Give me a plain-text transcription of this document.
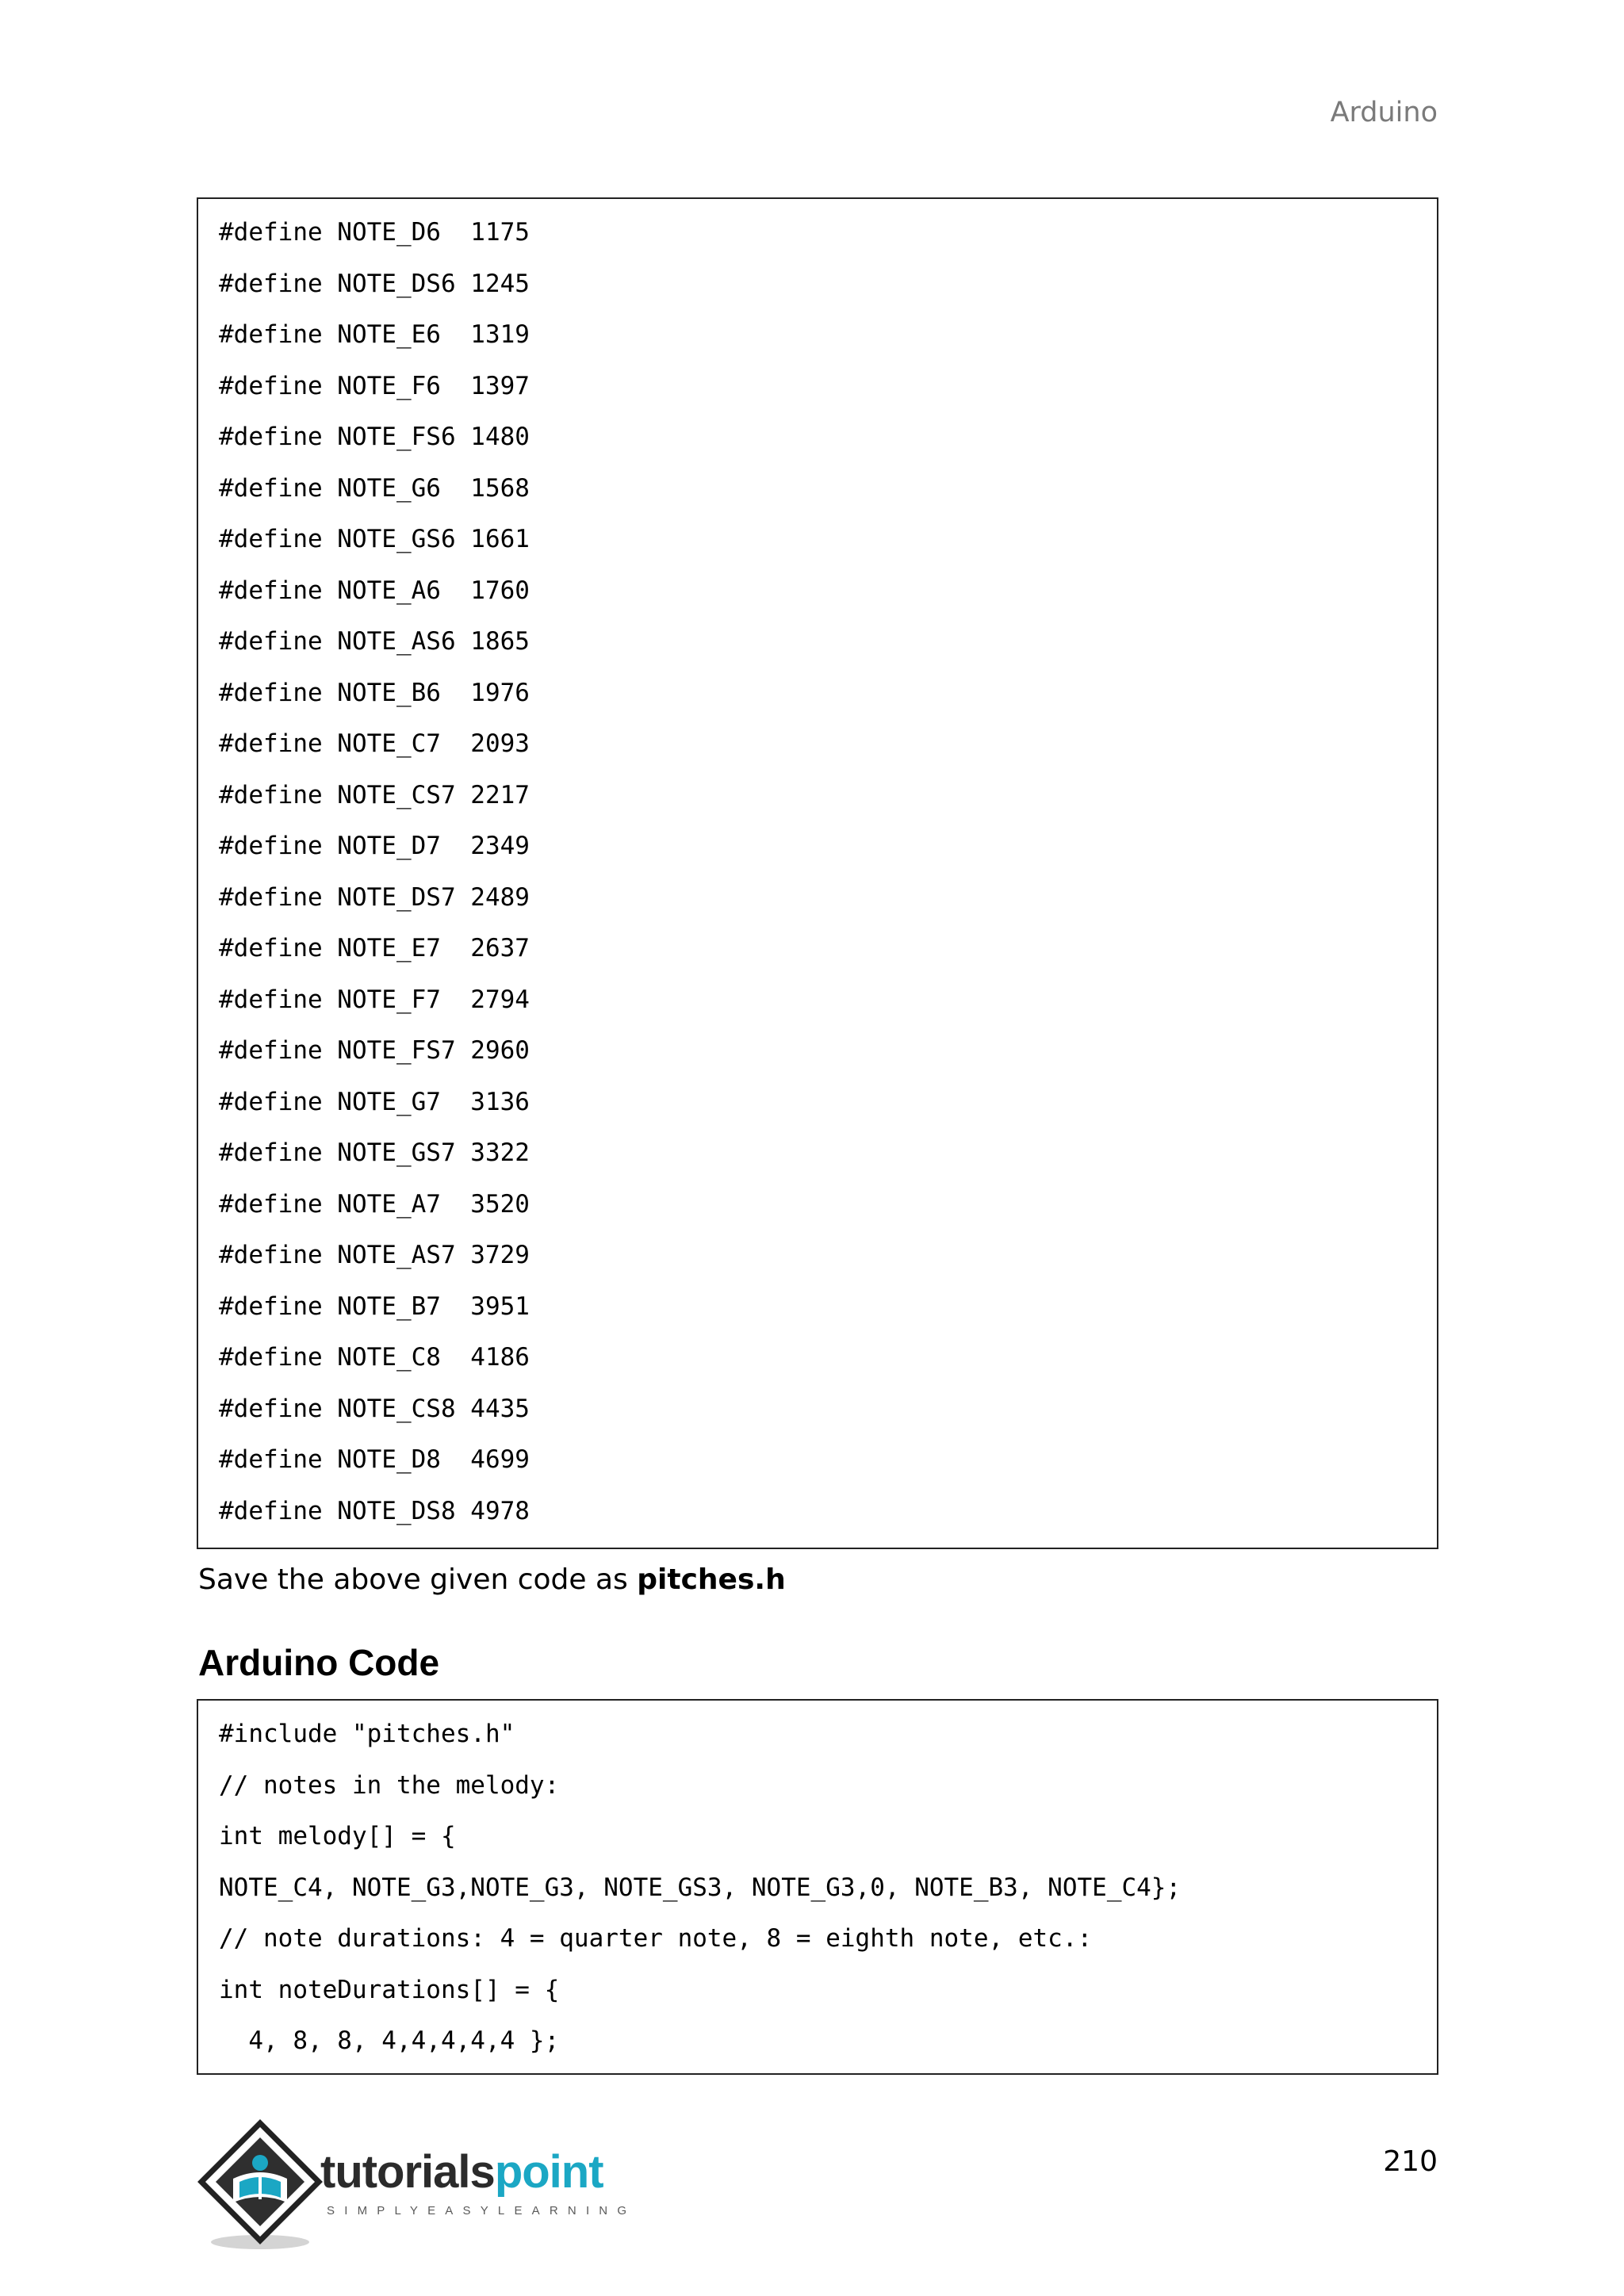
Arduino
#define NOTE_D6  1175
#define NOTE_DS6 1245
#define NOTE_E6  1319
#define NOTE_F6  1397
#define NOTE_FS6 1480
#define NOTE_G6  1568
#define NOTE_GS6 1661
#define NOTE_A6  1760
#define NOTE_AS6 1865
#define NOTE_B6  1976
#define NOTE_C7  2093
#define NOTE_CS7 2217
#define NOTE_D7  2349
#define NOTE_DS7 2489
#define NOTE_E7  2637
#define NOTE_F7  2794
#define NOTE_FS7 2960
#define NOTE_G7  3136
#define NOTE_GS7 3322
#define NOTE_A7  3520
#define NOTE_AS7 3729
#define NOTE_B7  3951
#define NOTE_C8  4186
#define NOTE_CS8 4435
#define NOTE_D8  4699
#define NOTE_DS8 4978

Save the above given code as pitches.h

Arduino Code
#include "pitches.h"
// notes in the melody:
int melody[] = {
NOTE_C4, NOTE_G3,NOTE_G3, NOTE_GS3, NOTE_G3,0, NOTE_B3, NOTE_C4};
// note durations: 4 = quarter note, 8 = eighth note, etc.:
int noteDurations[] = {
4, 8, 8, 4,4,4,4,4 };
tutorialspoint
SIMPLYEASYLEARNING
210
